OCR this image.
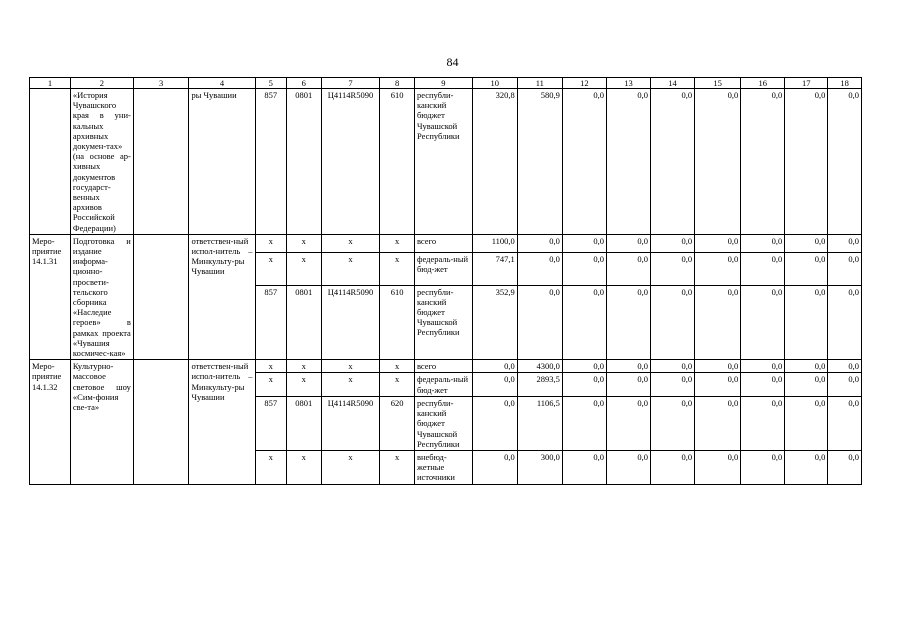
84
1	2	3	4	5	6	7	8	9	10	11	12	13	14	15	16	17	18
	«История Чувашского края в уни-кальных архивных докумен-тах» (на основе ар-хивных документов государст-венных архивов Российской Федерации)		ры Чувашии	857	0801	Ц4114R5090	610	республи-канский бюджет Чувашской Республики	320,8	580,9	0,0	0,0	0,0	0,0	0,0	0,0	0,0
Меро-приятие 14.1.31	Подготовка и издание информа-ционно-просвети-тельского сборника «Наследие героев» в рамках проекта «Чувашия космичес-кая»		ответствен-ный испол-нитель – Минкульту-ры Чувашии	x	x	x	x	всего	1100,0	0,0	0,0	0,0	0,0	0,0	0,0	0,0	0,0
				x	x	x	x	федераль-ный бюд-жет	747,1	0,0	0,0	0,0	0,0	0,0	0,0	0,0	0,0
				857	0801	Ц4114R5090	610	республи-канский бюджет Чувашской Республики	352,9	0,0	0,0	0,0	0,0	0,0	0,0	0,0	0,0
Меро-приятие 14.1.32	Культурно-массовое световое шоу «Сим-фония све-та»		ответствен-ный испол-нитель – Минкульту-ры Чувашии	x	x	x	x	всего	0,0	4300,0	0,0	0,0	0,0	0,0	0,0	0,0	0,0
				x	x	x	x	федераль-ный бюд-жет	0,0	2893,5	0,0	0,0	0,0	0,0	0,0	0,0	0,0
				857	0801	Ц4114R5090	620	республи-канский бюджет Чувашской Республики	0,0	1106,5	0,0	0,0	0,0	0,0	0,0	0,0	0,0
				x	x	x	x	внебюд-жетные источники	0,0	300,0	0,0	0,0	0,0	0,0	0,0	0,0	0,0
